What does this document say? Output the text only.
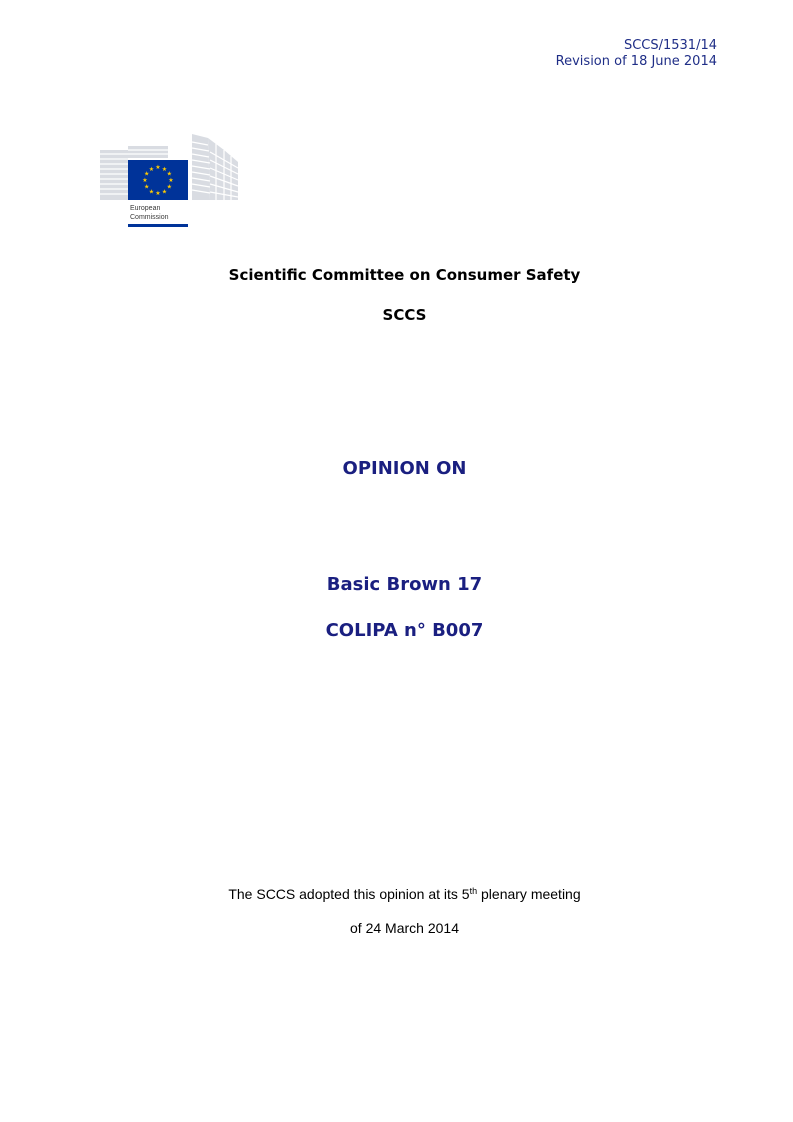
SCCS/1531/14
Revision of 18 June 2014
★ ★
★
★
★
★
★
★
★
★
★
★
European
Commission
Scientific Committee on Consumer Safety
SCCS
OPINION ON
Basic Brown 17
COLIPA n° B007
The SCCS adopted this opinion at its 5th plenary meeting
of 24 March 2014
